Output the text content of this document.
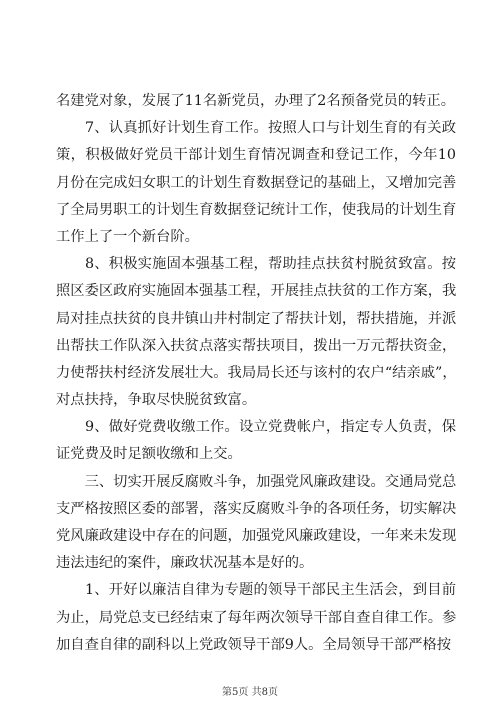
名建党对象，发展了11名新党员，办理了2名预备党员的转正。
　　7、认真抓好计划生育工作。按照人口与计划生育的有关政
策，积极做好党员干部计划生育情况调查和登记工作，今年10
月份在完成妇女职工的计划生育数据登记的基础上，又增加完善
了全局男职工的计划生育数据登记统计工作，使我局的计划生育
工作上了一个新台阶。
　　8、积极实施固本强基工程，帮助挂点扶贫村脱贫致富。按
照区委区政府实施固本强基工程，开展挂点扶贫的工作方案，我
局对挂点扶贫的良井镇山井村制定了帮扶计划，帮扶措施，并派
出帮扶工作队深入扶贫点落实帮扶项目，拨出一万元帮扶资金，
力使帮扶村经济发展壮大。我局局长还与该村的农户“结亲戚”，
对点扶持，争取尽快脱贫致富。
　　9、做好党费收缴工作。设立党费帐户，指定专人负责，保
证党费及时足额收缴和上交。
　　三、切实开展反腐败斗争，加强党风廉政建设。交通局党总
支严格按照区委的部署，落实反腐败斗争的各项任务，切实解决
党风廉政建设中存在的问题，加强党风廉政建设，一年来未发现
违法违纪的案件，廉政状况基本是好的。
　　1、开好以廉洁自律为专题的领导干部民主生活会，到目前
为止，局党总支已经结束了每年两次领导干部自查自律工作。参
加自查自律的副科以上党政领导干部9人。全局领导干部严格按
第5页 共8页
